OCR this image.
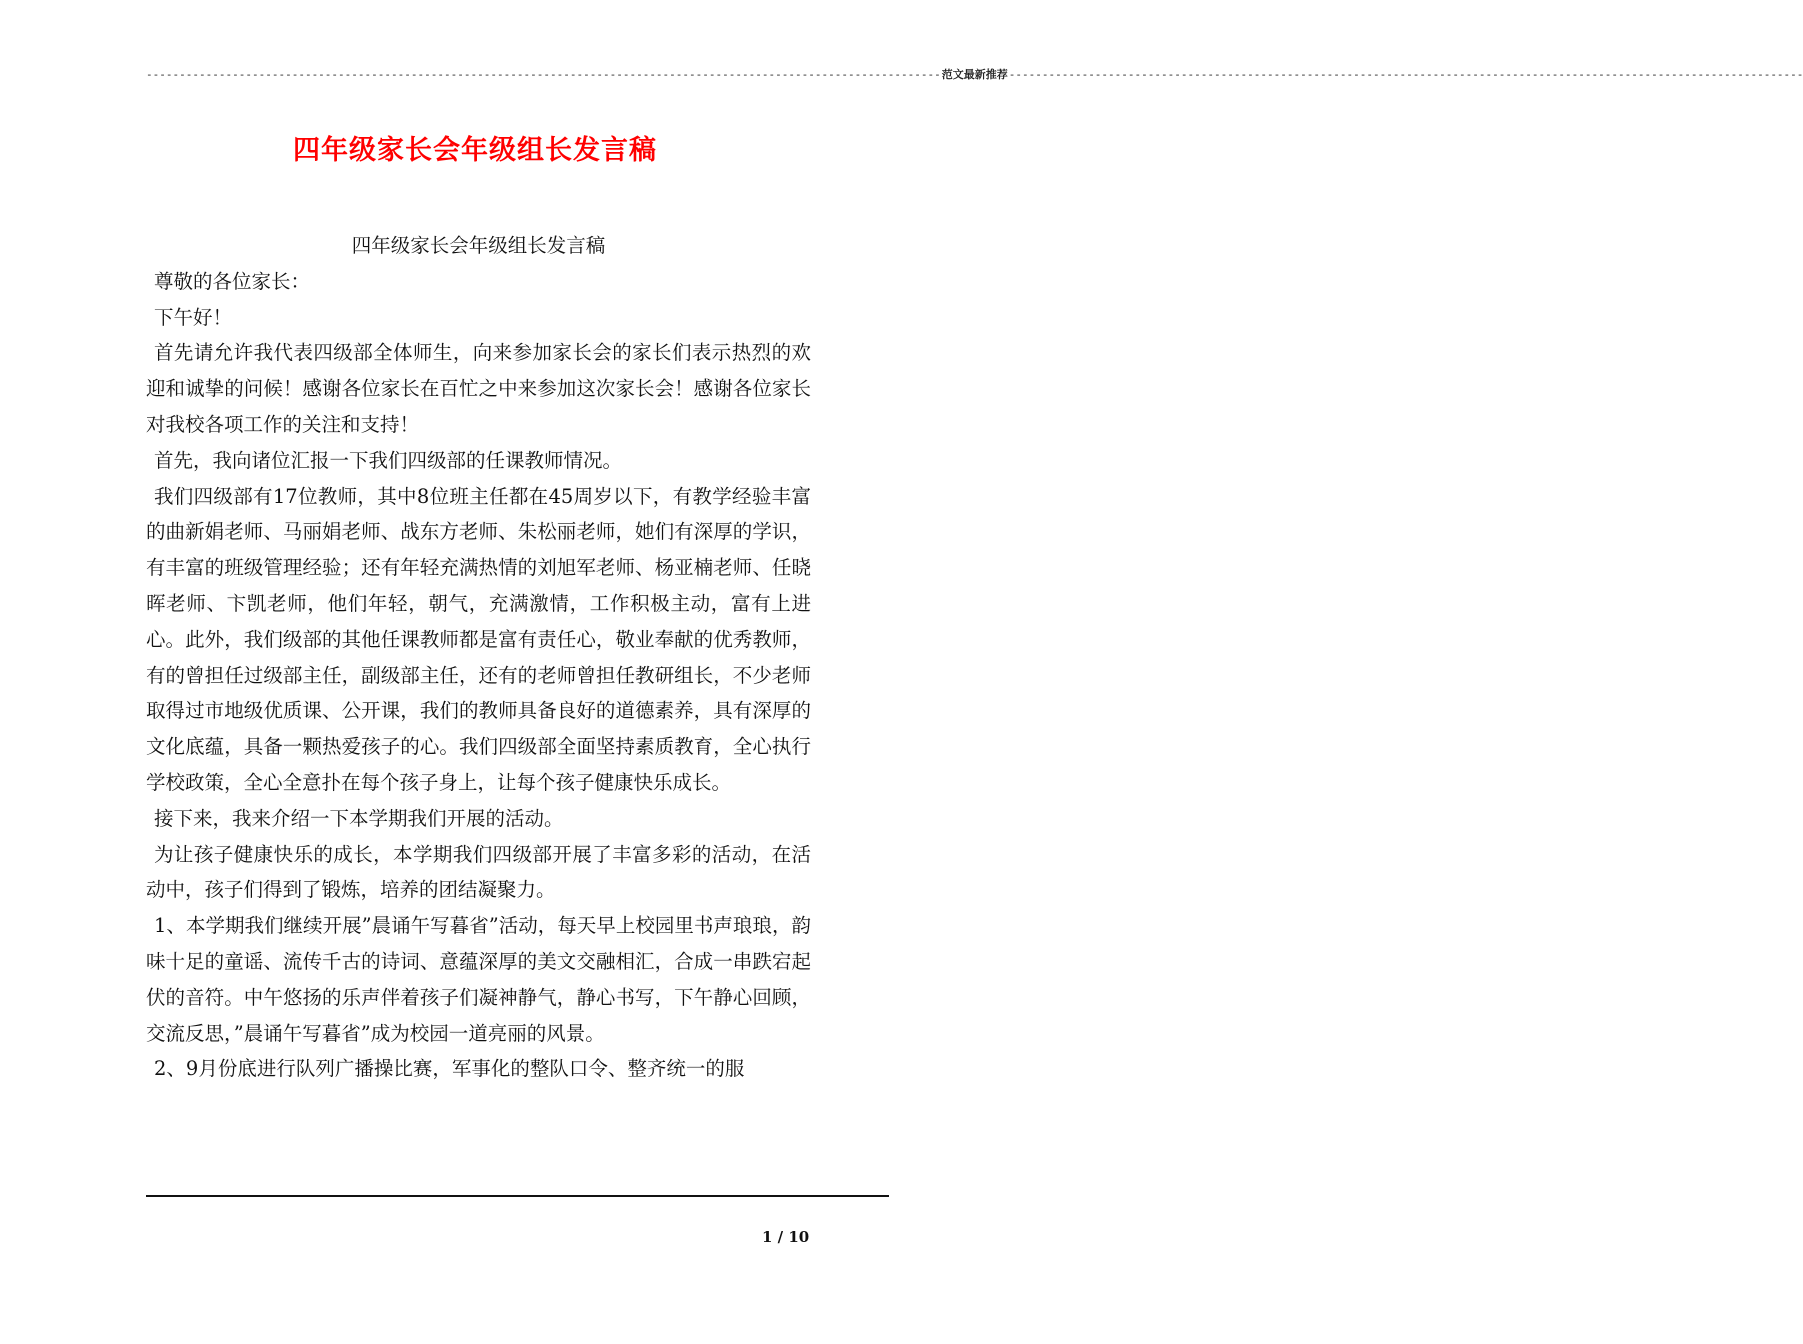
------------------------------------------------------------------------------------------------------------------------ 范文最新推荐 ------------------------------------------------------------------------------------------------------------------------
四年级家长会年级组长发言稿

四年级家长会年级组长发言稿

尊敬的各位家长：

下午好！

首先请允许我代表四级部全体师生，向来参加家长会的家长们表示热烈的欢迎和诚挚的问候！感谢各位家长在百忙之中来参加这次家长会！感谢各位家长对我校各项工作的关注和支持！

首先，我向诸位汇报一下我们四级部的任课教师情况。

我们四级部有17位教师，其中8位班主任都在45周岁以下，有教学经验丰富的曲新娟老师、马丽娟老师、战东方老师、朱松丽老师，她们有深厚的学识，有丰富的班级管理经验；还有年轻充满热情的刘旭军老师、杨亚楠老师、任晓晖老师、卞凯老师，他们年轻，朝气，充满激情，工作积极主动，富有上进心。此外，我们级部的其他任课教师都是富有责任心，敬业奉献的优秀教师，有的曾担任过级部主任，副级部主任，还有的老师曾担任教研组长，不少老师取得过市地级优质课、公开课，我们的教师具备良好的道德素养，具有深厚的文化底蕴，具备一颗热爱孩子的心。我们四级部全面坚持素质教育，全心执行学校政策，全心全意扑在每个孩子身上，让每个孩子健康快乐成长。

接下来，我来介绍一下本学期我们开展的活动。

为让孩子健康快乐的成长，本学期我们四级部开展了丰富多彩的活动，在活动中，孩子们得到了锻炼，培养的团结凝聚力。

1、本学期我们继续开展”晨诵午写暮省”活动，每天早上校园里书声琅琅，韵味十足的童谣、流传千古的诗词、意蕴深厚的美文交融相汇，合成一串跌宕起伏的音符。中午悠扬的乐声伴着孩子们凝神静气，静心书写，下午静心回顾，交流反思，”晨诵午写暮省”成为校园一道亮丽的风景。

2、9月份底进行队列广播操比赛，军事化的整队口令、整齐统一的服

1 / 10
